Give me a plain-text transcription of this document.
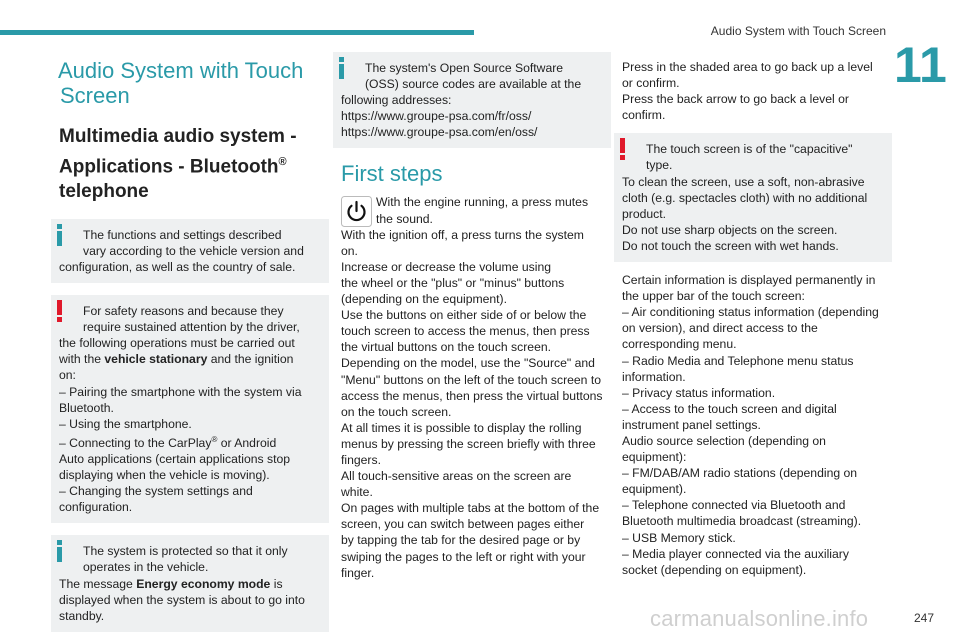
Audio System with Touch Screen
11
Audio System with Touch
Screen
Multimedia audio system -
Applications - Bluetooth®
telephone

The functions and settings described

vary according to the vehicle version and

configuration, as well as the country of sale.

For safety reasons and because they

require sustained attention by the driver,

the following operations must be carried out

with the vehicle stationary and the ignition

on:

– Pairing the smartphone with the system via

Bluetooth.

– Using the smartphone.

– Connecting to the CarPlay® or Android

Auto applications (certain applications stop

displaying when the vehicle is moving).

– Changing the system settings and

configuration.

The system is protected so that it only

operates in the vehicle.

The message Energy economy mode is

displayed when the system is about to go into

standby.

The system's Open Source Software

(OSS) source codes are available at the

following addresses:

https://www.groupe-psa.com/fr/oss/

https://www.groupe-psa.com/en/oss/

First steps

With the engine running, a press mutes

the sound.

With the ignition off, a press turns the system on.

Increase or decrease the volume using

the wheel or the "plus" or "minus" buttons

(depending on the equipment).

Use the buttons on either side of or below the

touch screen to access the menus, then press

the virtual buttons on the touch screen.

Depending on the model, use the "Source" and

"Menu" buttons on the left of the touch screen to

access the menus, then press the virtual buttons

on the touch screen.

At all times it is possible to display the rolling

menus by pressing the screen briefly with three

fingers.

All touch-sensitive areas on the screen are

white.

On pages with multiple tabs at the bottom of the

screen, you can switch between pages either

by tapping the tab for the desired page or by

swiping the pages to the left or right with your

finger.

Press in the shaded area to go back up a level

or confirm.

Press the back arrow to go back a level or

confirm.

The touch screen is of the "capacitive"

type.

To clean the screen, use a soft, non-abrasive

cloth (e.g. spectacles cloth) with no additional

product.

Do not use sharp objects on the screen.

Do not touch the screen with wet hands.

Certain information is displayed permanently in

the upper bar of the touch screen:

– Air conditioning status information (depending

on version), and direct access to the

corresponding menu.

– Radio Media and Telephone menu status

information.

– Privacy status information.

– Access to the touch screen and digital

instrument panel settings.

Audio source selection (depending on

equipment):

– FM/DAB/AM radio stations (depending on

equipment).

– Telephone connected via Bluetooth and

Bluetooth multimedia broadcast (streaming).

– USB Memory stick.

– Media player connected via the auxiliary

socket (depending on equipment).

carmanualsonline.info	247
